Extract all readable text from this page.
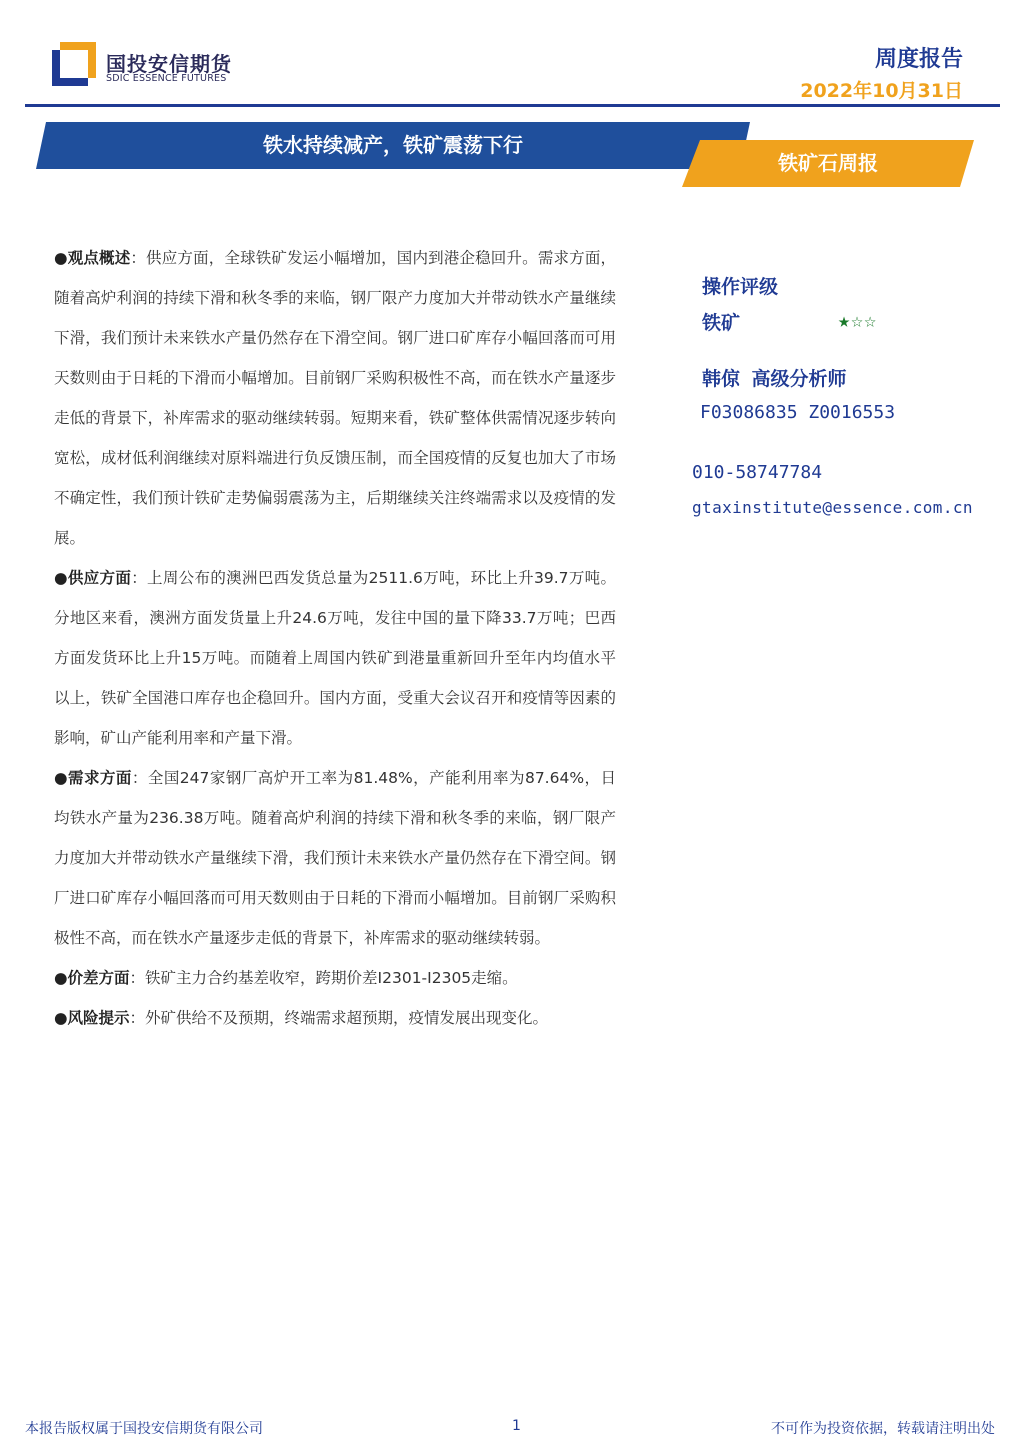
国投安信期货
SDIC ESSENCE FUTURES
周度报告
2022年10月31日
铁水持续减产，铁矿震荡下行
铁矿石周报

●观点概述：供应方面，全球铁矿发运小幅增加，国内到港企稳回升。需求方面，随着高炉利润的持续下滑和秋冬季的来临，钢厂限产力度加大并带动铁水产量继续下滑，我们预计未来铁水产量仍然存在下滑空间。钢厂进口矿库存小幅回落而可用天数则由于日耗的下滑而小幅增加。目前钢厂采购积极性不高，而在铁水产量逐步走低的背景下，补库需求的驱动继续转弱。短期来看，铁矿整体供需情况逐步转向宽松，成材低利润继续对原料端进行负反馈压制，而全国疫情的反复也加大了市场不确定性，我们预计铁矿走势偏弱震荡为主，后期继续关注终端需求以及疫情的发展。

●供应方面：上周公布的澳洲巴西发货总量为2511.6万吨，环比上升39.7万吨。分地区来看，澳洲方面发货量上升24.6万吨，发往中国的量下降33.7万吨；巴西方面发货环比上升15万吨。而随着上周国内铁矿到港量重新回升至年内均值水平以上，铁矿全国港口库存也企稳回升。国内方面，受重大会议召开和疫情等因素的影响，矿山产能利用率和产量下滑。

●需求方面：全国247家钢厂高炉开工率为81.48%，产能利用率为87.64%，日均铁水产量为236.38万吨。随着高炉利润的持续下滑和秋冬季的来临，钢厂限产力度加大并带动铁水产量继续下滑，我们预计未来铁水产量仍然存在下滑空间。钢厂进口矿库存小幅回落而可用天数则由于日耗的下滑而小幅增加。目前钢厂采购积极性不高，而在铁水产量逐步走低的背景下，补库需求的驱动继续转弱。

●价差方面：铁矿主力合约基差收窄，跨期价差I2301-I2305走缩。

●风险提示：外矿供给不及预期，终端需求超预期，疫情发展出现变化。

操作评级
铁矿	★☆☆
韩倞 高级分析师
F03086835 Z0016553
010-58747784
gtaxinstitute@essence.com.cn
本报告版权属于国投安信期货有限公司	1	不可作为投资依据，转载请注明出处
